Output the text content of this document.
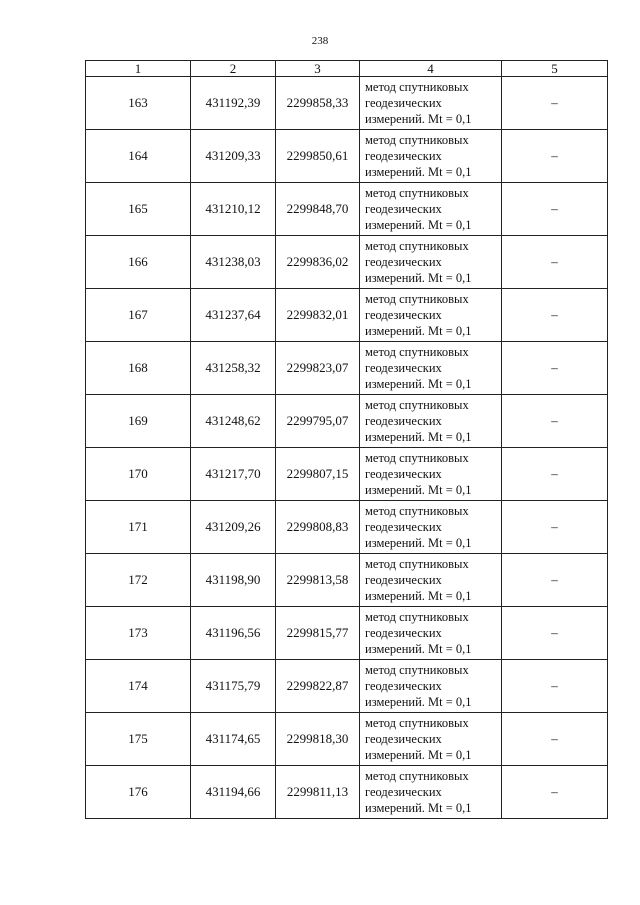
238
1	2	3	4	5
163	431192,39	2299858,33	метод спутниковых
геодезических
измерений. Mt = 0,1	–
164	431209,33	2299850,61	метод спутниковых
геодезических
измерений. Mt = 0,1	–
165	431210,12	2299848,70	метод спутниковых
геодезических
измерений. Mt = 0,1	–
166	431238,03	2299836,02	метод спутниковых
геодезических
измерений. Mt = 0,1	–
167	431237,64	2299832,01	метод спутниковых
геодезических
измерений. Mt = 0,1	–
168	431258,32	2299823,07	метод спутниковых
геодезических
измерений. Mt = 0,1	–
169	431248,62	2299795,07	метод спутниковых
геодезических
измерений. Mt = 0,1	–
170	431217,70	2299807,15	метод спутниковых
геодезических
измерений. Mt = 0,1	–
171	431209,26	2299808,83	метод спутниковых
геодезических
измерений. Mt = 0,1	–
172	431198,90	2299813,58	метод спутниковых
геодезических
измерений. Mt = 0,1	–
173	431196,56	2299815,77	метод спутниковых
геодезических
измерений. Mt = 0,1	–
174	431175,79	2299822,87	метод спутниковых
геодезических
измерений. Mt = 0,1	–
175	431174,65	2299818,30	метод спутниковых
геодезических
измерений. Mt = 0,1	–
176	431194,66	2299811,13	метод спутниковых
геодезических
измерений. Mt = 0,1	–
